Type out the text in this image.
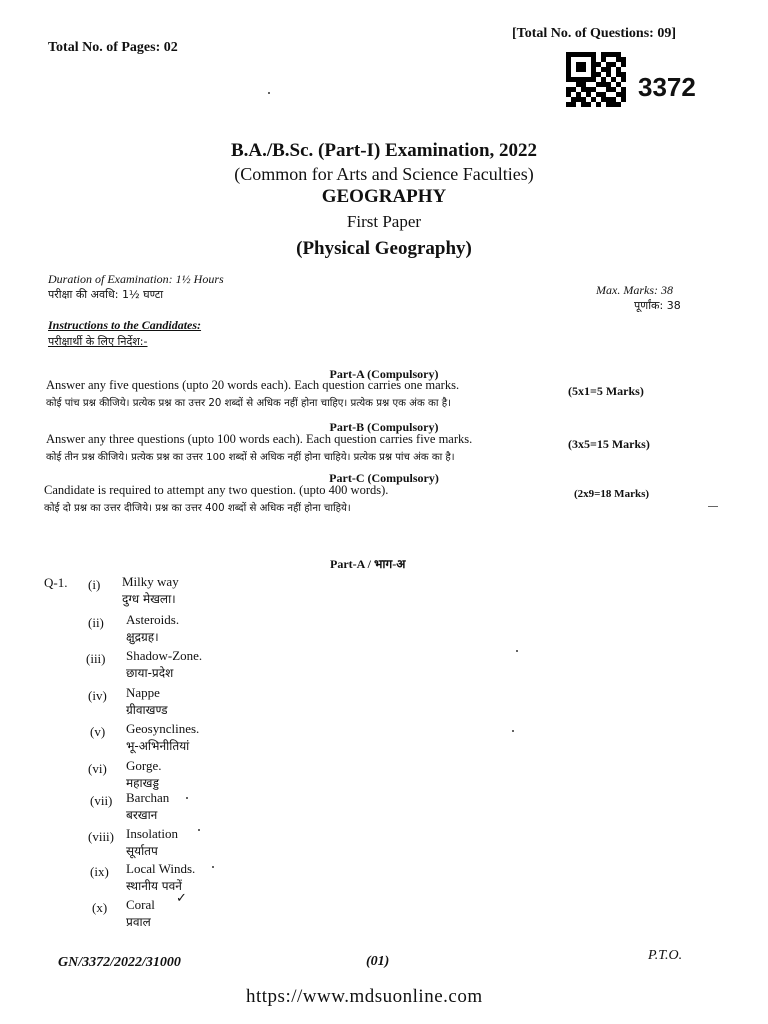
Total No. of Pages: 02
[Total No. of Questions: 09]
3372
B.A./B.Sc. (Part-I) Examination, 2022
(Common for Arts and Science Faculties)
GEOGRAPHY
First Paper
(Physical Geography)
Duration of Examination: 1½ Hours
परीक्षा की अवधि: 1½ घण्टा	Max. Marks: 38
पूर्णांक: 38
Instructions to the Candidates:
परीक्षार्थी के लिए निर्देश:-
Part-A (Compulsory)
Answer any five questions (upto 20 words each). Each question carries one marks.	(5x1=5 Marks)
कोई पांच प्रश्न कीजिये। प्रत्येक प्रश्न का उत्तर 20 शब्दों से अधिक नहीं होना चाहिए। प्रत्येक प्रश्न एक अंक का है।
Part-B (Compulsory)
Answer any three questions (upto 100 words each). Each question carries five marks.	(3x5=15 Marks)
कोई तीन प्रश्न कीजिये। प्रत्येक प्रश्न का उत्तर 100 शब्दों से अधिक नहीं होना चाहिये। प्रत्येक प्रश्न पांच अंक का है।
Part-C (Compulsory)
Candidate is required to attempt any two question. (upto 400 words).	(2x9=18 Marks)
कोई दो प्रश्न का उत्तर दीजिये। प्रश्न का उत्तर 400 शब्दों से अधिक नहीं होना चाहिये।
Part-A / भाग-अ
Q-1. (i) Milky way
दुग्ध मेखला।
(ii) Asteroids.
क्षुद्रग्रह।
(iii) Shadow-Zone.
छाया-प्रदेश
(iv) Nappe
ग्रीवाखण्ड
(v) Geosynclines.
भू-अभिनीतियां
(vi) Gorge.
महाखड्ड
(vii) Barchan
बरखान
(viii) Insolation
सूर्यातप
(ix) Local Winds.
स्थानीय पवनें
(x) Coral
प्रवाल
✓
GN/3372/2022/31000	(01)	P.T.O.
https://www.mdsuonline.com
